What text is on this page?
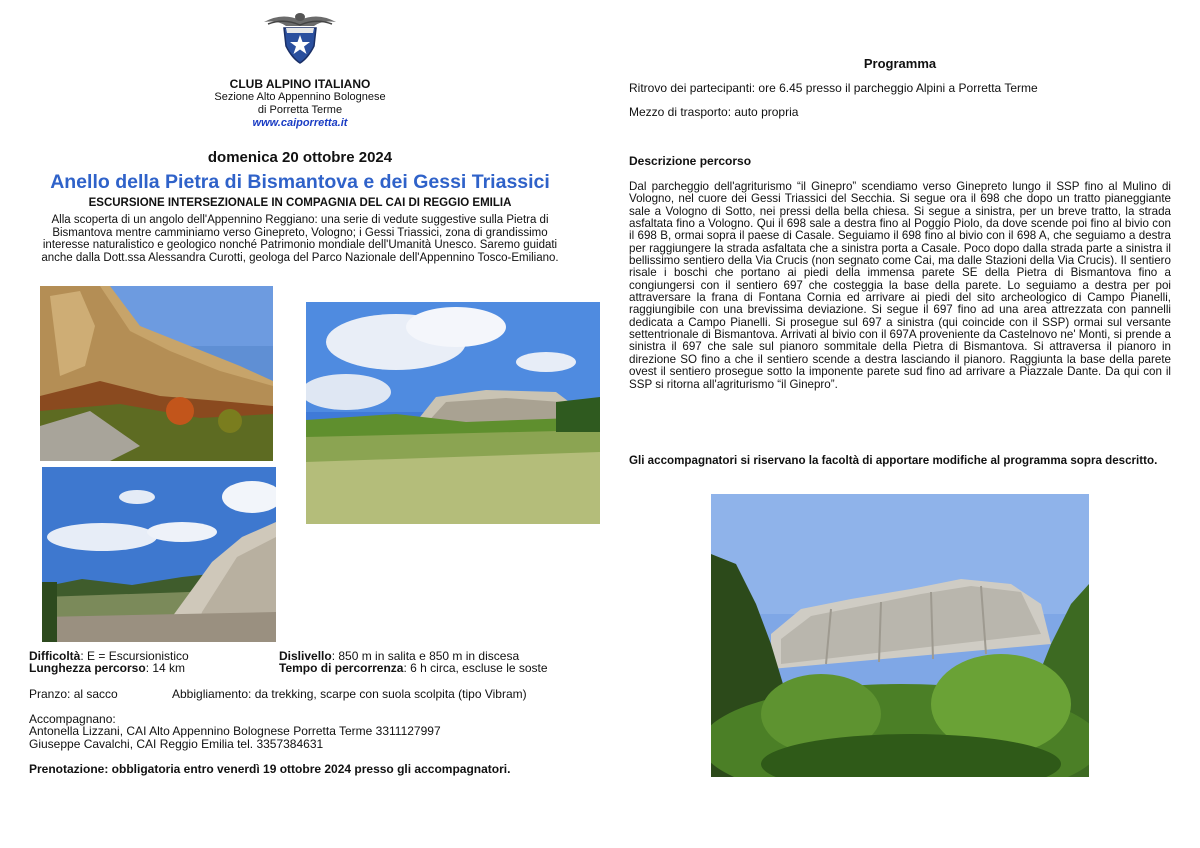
CLUB ALPINO ITALIANO
Sezione Alto Appennino Bolognese
di Porretta Terme
www.caiporretta.it
domenica 20 ottobre 2024
Anello della Pietra di Bismantova e dei Gessi Triassici
ESCURSIONE INTERSEZIONALE IN COMPAGNIA DEL CAI DI REGGIO EMILIA
Alla scoperta di un angolo dell'Appennino Reggiano: una serie di vedute suggestive sulla Pietra di Bismantova mentre camminiamo verso Ginepreto, Vologno; i Gessi Triassici, zona di grandissimo interesse naturalistico e geologico nonché Patrimonio mondiale dell'Umanità Unesco. Saremo guidati anche dalla Dott.ssa Alessandra Curotti, geologa del Parco Nazionale dell'Appennino Tosco-Emiliano.
Difficoltà: E = Escursionistico
Lunghezza percorso: 14 km
Dislivello: 850 m in salita e 850 m in discesa
Tempo di percorrenza: 6 h circa, escluse le soste
Pranzo: al sacco	Abbigliamento: da trekking, scarpe con suola scolpita (tipo Vibram)
Accompagnano:
Antonella Lizzani, CAI Alto Appennino Bolognese Porretta Terme 3311127997
Giuseppe Cavalchi, CAI Reggio Emilia tel. 3357384631
Prenotazione: obbligatoria entro venerdì 19 ottobre 2024 presso gli accompagnatori.
Programma
Ritrovo dei partecipanti: ore 6.45 presso il parcheggio Alpini a Porretta Terme
Mezzo di trasporto: auto propria
Descrizione percorso
Dal parcheggio dell'agriturismo “il Ginepro” scendiamo verso Ginepreto lungo il SSP fino al Mulino di Vologno, nel cuore dei Gessi Triassici del Secchia. Si segue ora il 698 che dopo un tratto pianeggiante sale a Vologno di Sotto, nei pressi della bella chiesa. Si segue a sinistra, per un breve tratto, la strada asfaltata fino a Vologno. Qui il 698 sale a destra fino al Poggio Piolo, da dove scende poi fino al bivio con il 698 B, ormai sopra il paese di Casale. Seguiamo il 698 fino al bivio con il 698 A, che seguiamo a destra per raggiungere la strada asfaltata che a sinistra porta a Casale. Poco dopo dalla strada parte a sinistra il bellissimo sentiero della Via Crucis (non segnato come Cai, ma dalle Stazioni della Via Crucis). Il sentiero risale i boschi che portano ai piedi della immensa parete SE della Pietra di Bismantova fino a congiungersi con il sentiero 697 che costeggia la base della parete. Lo seguiamo a destra per poi attraversare la frana di Fontana Cornia ed arrivare ai piedi del sito archeologico di Campo Pianelli, raggiungibile con una brevissima deviazione. Si segue il 697 fino ad una area attrezzata con pannelli dedicata a Campo Pianelli. Si prosegue sul 697 a sinistra (qui coincide con il SSP) ormai sul versante settentrionale di Bismantova. Arrivati al bivio con il 697A proveniente da Castelnovo ne' Monti, si prende a sinistra il 697 che sale sul pianoro sommitale della Pietra di Bismantova. Si attraversa il pianoro in direzione SO fino a che il sentiero scende a destra lasciando il pianoro. Raggiunta la base della parete ovest il sentiero prosegue sotto la imponente parete sud fino ad arrivare a Piazzale Dante. Da qui con il SSP si ritorna all'agriturismo “il Ginepro”.
Gli accompagnatori si riservano la facoltà di apportare modifiche al programma sopra descritto.
